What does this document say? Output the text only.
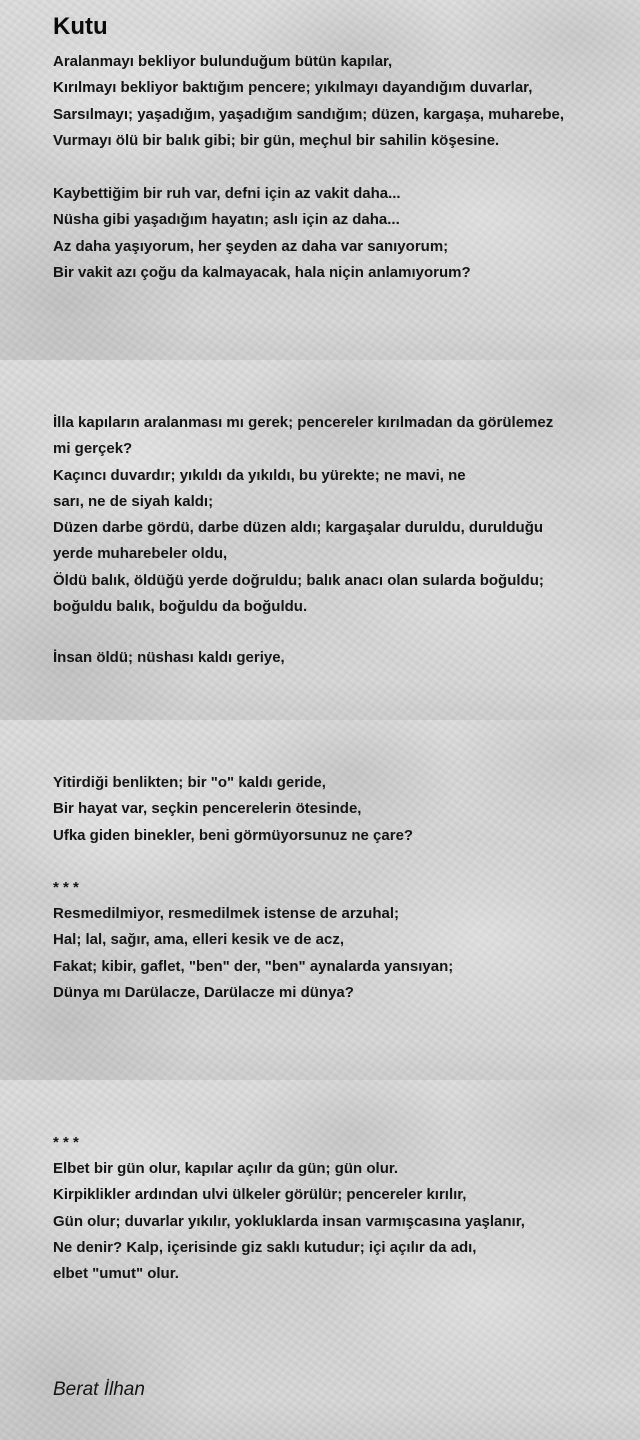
Kutu

Aralanmayı bekliyor bulunduğum bütün kapılar,
Kırılmayı bekliyor baktığım pencere; yıkılmayı dayandığım duvarlar,
Sarsılmayı; yaşadığım, yaşadığım sandığım; düzen, kargaşa, muharebe,
Vurmayı ölü bir balık gibi; bir gün, meçhul bir sahilin köşesine.

Kaybettiğim bir ruh var, defni için az vakit daha...
Nüsha gibi yaşadığım hayatın; aslı için az daha...
Az daha yaşıyorum, her şeyden az daha var sanıyorum;
Bir vakit azı çoğu da kalmayacak, hala niçin anlamıyorum?

İlla kapıların aralanması mı gerek; pencereler kırılmadan da görülemez
mi gerçek?
Kaçıncı duvardır; yıkıldı da yıkıldı, bu yürekte; ne mavi, ne
sarı, ne de siyah kaldı;
Düzen darbe gördü, darbe düzen aldı; kargaşalar duruldu, durulduğu
yerde muharebeler oldu,
Öldü balık, öldüğü yerde doğruldu; balık anacı olan sularda boğuldu;
boğuldu balık, boğuldu da boğuldu.

İnsan öldü; nüshası kaldı geriye,

Yitirdiği benlikten; bir "o" kaldı geride,
Bir hayat var, seçkin pencerelerin ötesinde,
Ufka giden binekler, beni görmüyorsunuz ne çare?

* * *

Resmedilmiyor, resmedilmek istense de arzuhal;
Hal; lal, sağır, ama, elleri kesik ve de acz,
Fakat; kibir, gaflet, "ben" der, "ben" aynalarda yansıyan;
Dünya mı Darülacze, Darülacze mi dünya?

* * *

Elbet bir gün olur, kapılar açılır da gün; gün olur.
Kirpiklikler ardından ulvi ülkeler görülür; pencereler kırılır,
Gün olur; duvarlar yıkılır, yokluklarda insan varmışcasına yaşlanır,
Ne denir? Kalp, içerisinde giz saklı kutudur; içi açılır da adı,
elbet "umut" olur.

Berat İlhan
